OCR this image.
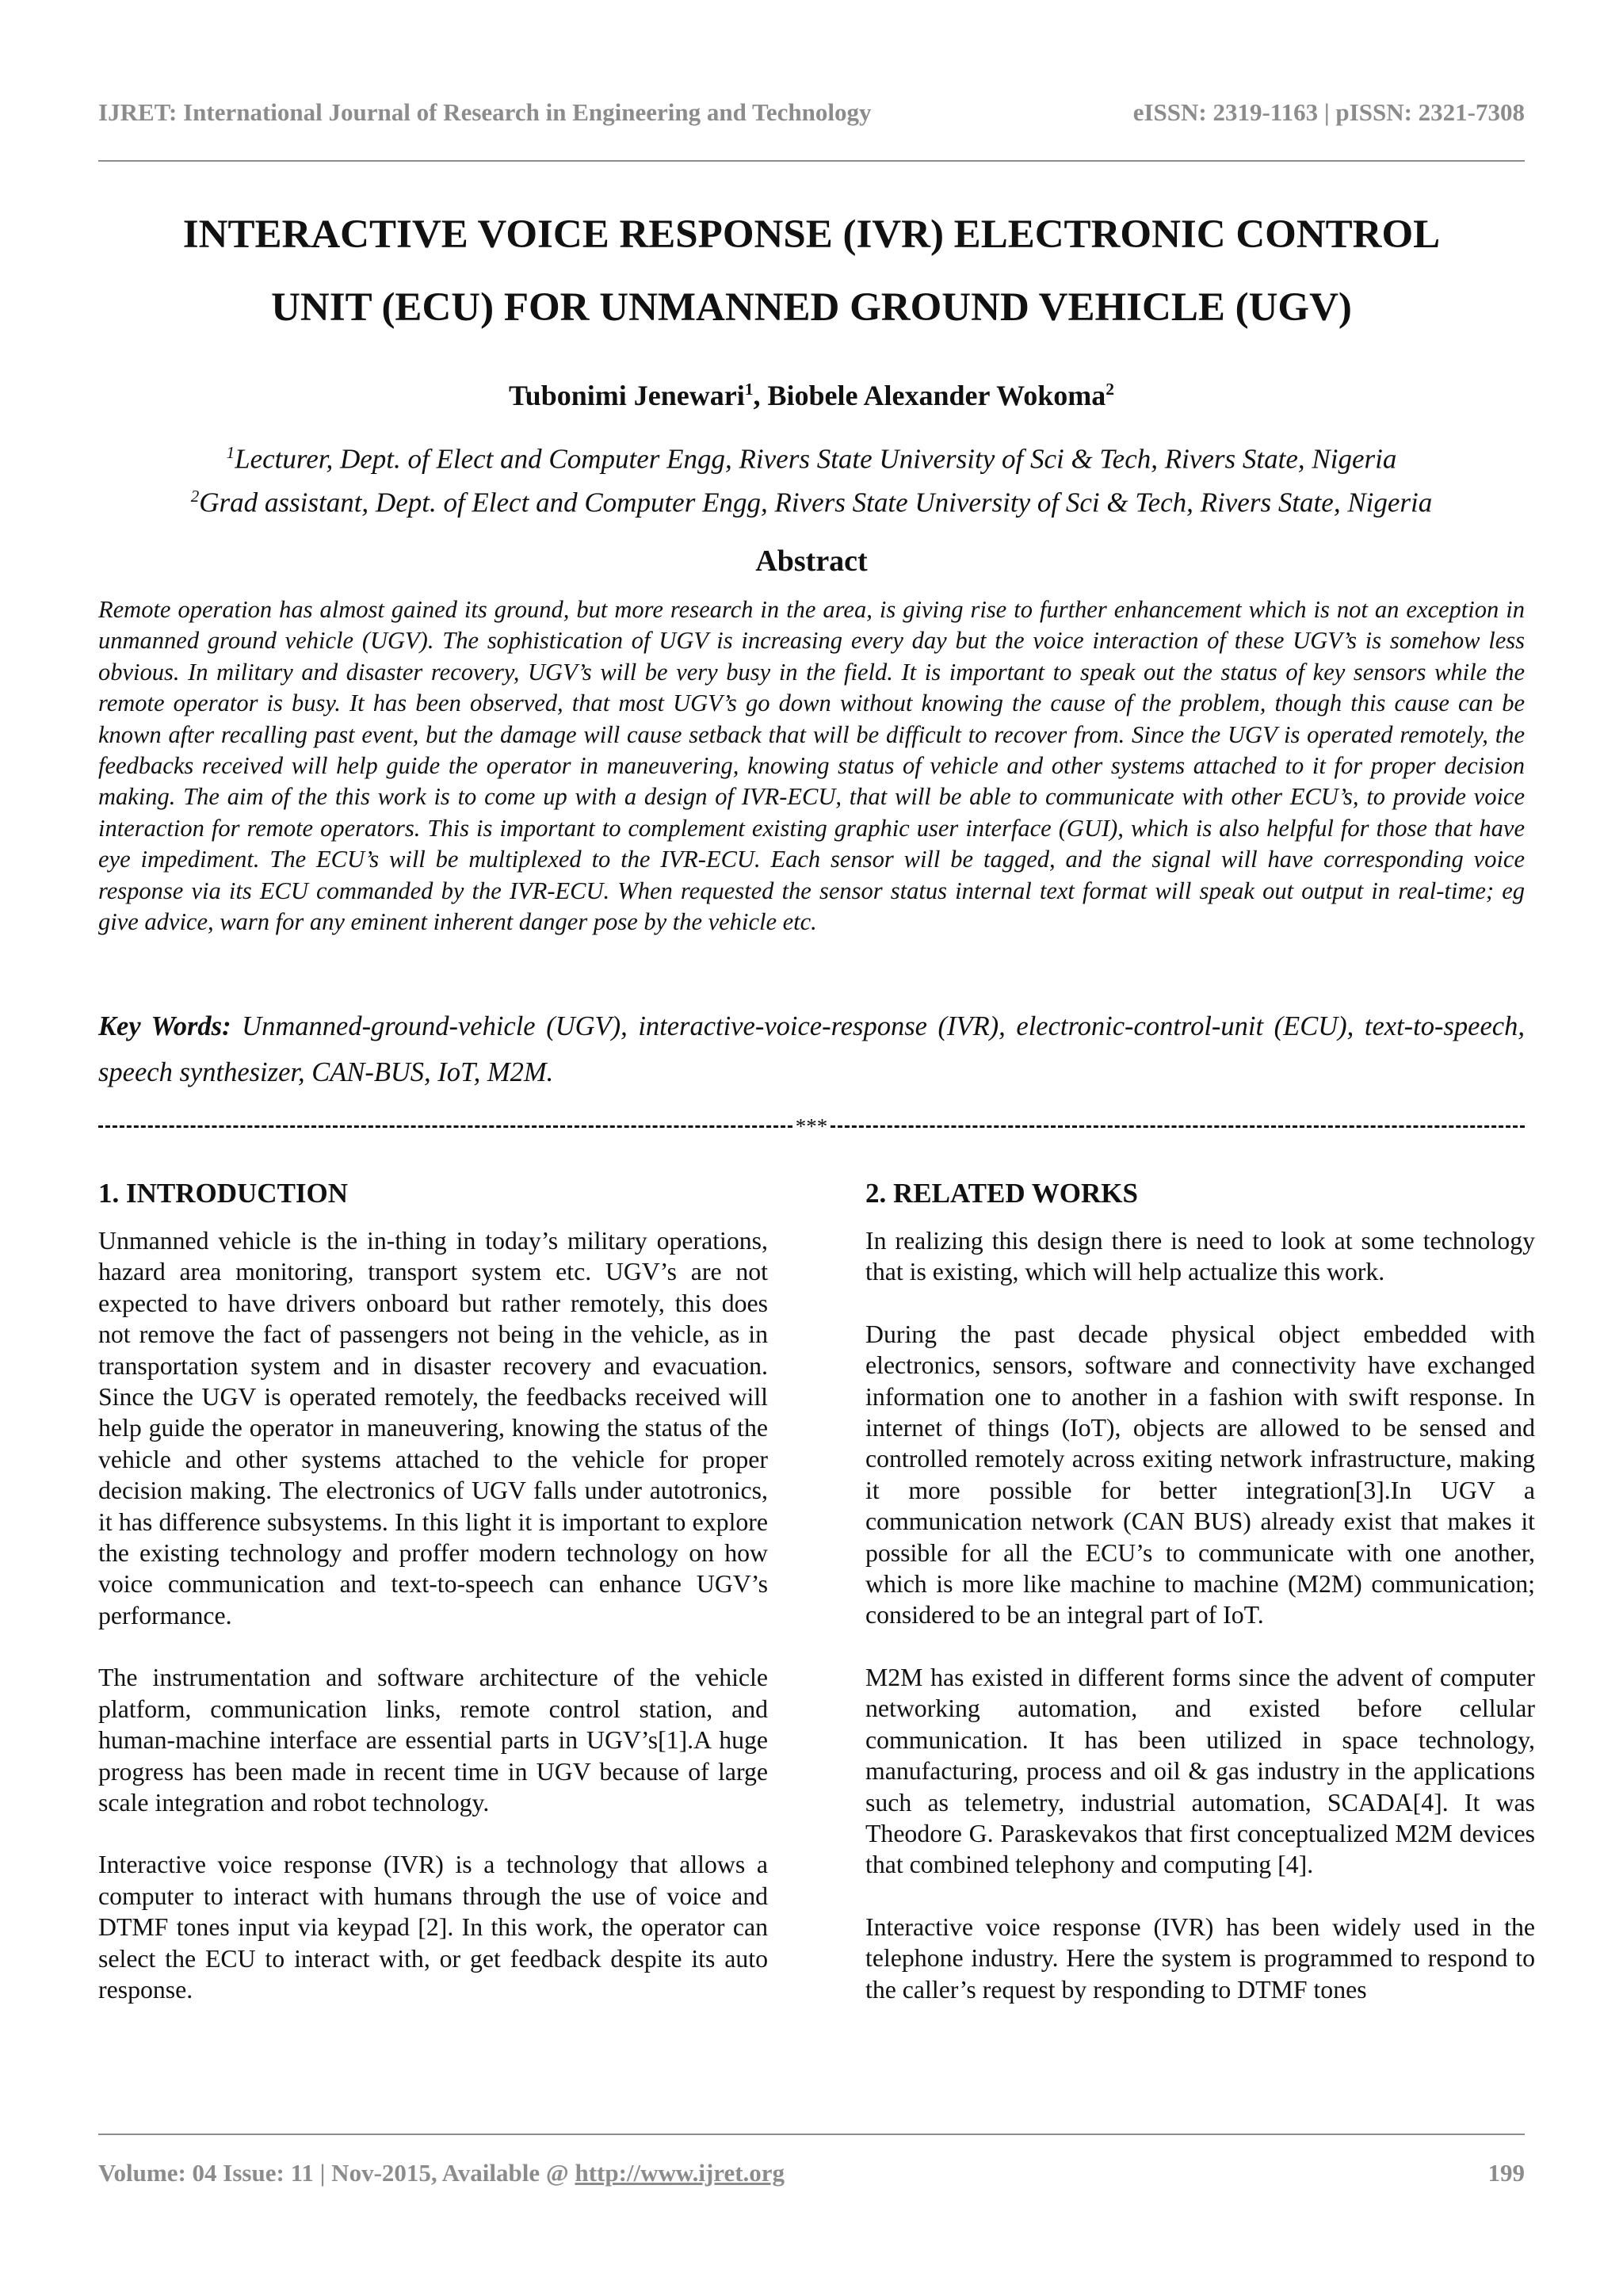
IJRET: International Journal of Research in Engineering and Technology	eISSN: 2319-1163 | pISSN: 2321-7308
INTERACTIVE VOICE RESPONSE (IVR) ELECTRONIC CONTROL
UNIT (ECU) FOR UNMANNED GROUND VEHICLE (UGV)
Tubonimi Jenewari$^1$, Biobele Alexander Wokoma$^2$
$^1$Lecturer, Dept. of Elect and Computer Engg, Rivers State University of Sci & Tech, Rivers State, Nigeria
$^2$Grad assistant, Dept. of Elect and Computer Engg, Rivers State University of Sci & Tech, Rivers State, Nigeria
Abstract

Remote operation has almost gained its ground, but more research in the area, is giving rise to further enhancement which is not an exception in unmanned ground vehicle (UGV). The sophistication of UGV is increasing every day but the voice interaction of these UGV’s is somehow less obvious. In military and disaster recovery, UGV’s will be very busy in the field. It is important to speak out the status of key sensors while the remote operator is busy. It has been observed, that most UGV’s go down without knowing the cause of the problem, though this cause can be known after recalling past event, but the damage will cause setback that will be difficult to recover from. Since the UGV is operated remotely, the feedbacks received will help guide the operator in maneuvering, knowing status of vehicle and other systems attached to it for proper decision making. The aim of the this work is to come up with a design of IVR-ECU, that will be able to communicate with other ECU’s, to provide voice interaction for remote operators. This is important to complement existing graphic user interface (GUI), which is also helpful for those that have eye impediment. The ECU’s will be multiplexed to the IVR-ECU. Each sensor will be tagged, and the signal will have corresponding voice response via its ECU commanded by the IVR-ECU. When requested the sensor status internal text format will speak out output in real-time; eg give advice, warn for any eminent inherent danger pose by the vehicle etc.

Key Words: Unmanned-ground-vehicle (UGV), interactive-voice-response (IVR), electronic-control-unit (ECU), text-to-speech, speech synthesizer, CAN-BUS, IoT, M2M.

***
1. INTRODUCTION

Unmanned vehicle is the in-thing in today’s military operations, hazard area monitoring, transport system etc. UGV’s are not expected to have drivers onboard but rather remotely, this does not remove the fact of passengers not being in the vehicle, as in transportation system and in disaster recovery and evacuation. Since the UGV is operated remotely, the feedbacks received will help guide the operator in maneuvering, knowing the status of the vehicle and other systems attached to the vehicle for proper decision making. The electronics of UGV falls under autotronics, it has difference subsystems. In this light it is important to explore the existing technology and proffer modern technology on how voice communication and text-to-speech can enhance UGV’s performance.

The instrumentation and software architecture of the vehicle platform, communication links, remote control station, and human-machine interface are essential parts in UGV’s[1].A huge progress has been made in recent time in UGV because of large scale integration and robot technology.

Interactive voice response (IVR) is a technology that allows a computer to interact with humans through the use of voice and DTMF tones input via keypad [2]. In this work, the operator can select the ECU to interact with, or get feedback despite its auto response.

2. RELATED WORKS

In realizing this design there is need to look at some technology that is existing, which will help actualize this work.

During the past decade physical object embedded with electronics, sensors, software and connectivity have exchanged information one to another in a fashion with swift response. In internet of things (IoT), objects are allowed to be sensed and controlled remotely across exiting network infrastructure, making it more possible for better integration[3].In UGV a communication network (CAN BUS) already exist that makes it possible for all the ECU’s to communicate with one another, which is more like machine to machine (M2M) communication; considered to be an integral part of IoT.

M2M has existed in different forms since the advent of computer networking automation, and existed before cellular communication. It has been utilized in space technology, manufacturing, process and oil & gas industry in the applications such as telemetry, industrial automation, SCADA[4]. It was Theodore G. Paraskevakos that first conceptualized M2M devices that combined telephony and computing [4].

Interactive voice response (IVR) has been widely used in the telephone industry. Here the system is programmed to respond to the caller’s request by responding to DTMF tones

Volume: 04 Issue: 11 | Nov-2015, Available @ http://www.ijret.org	199
